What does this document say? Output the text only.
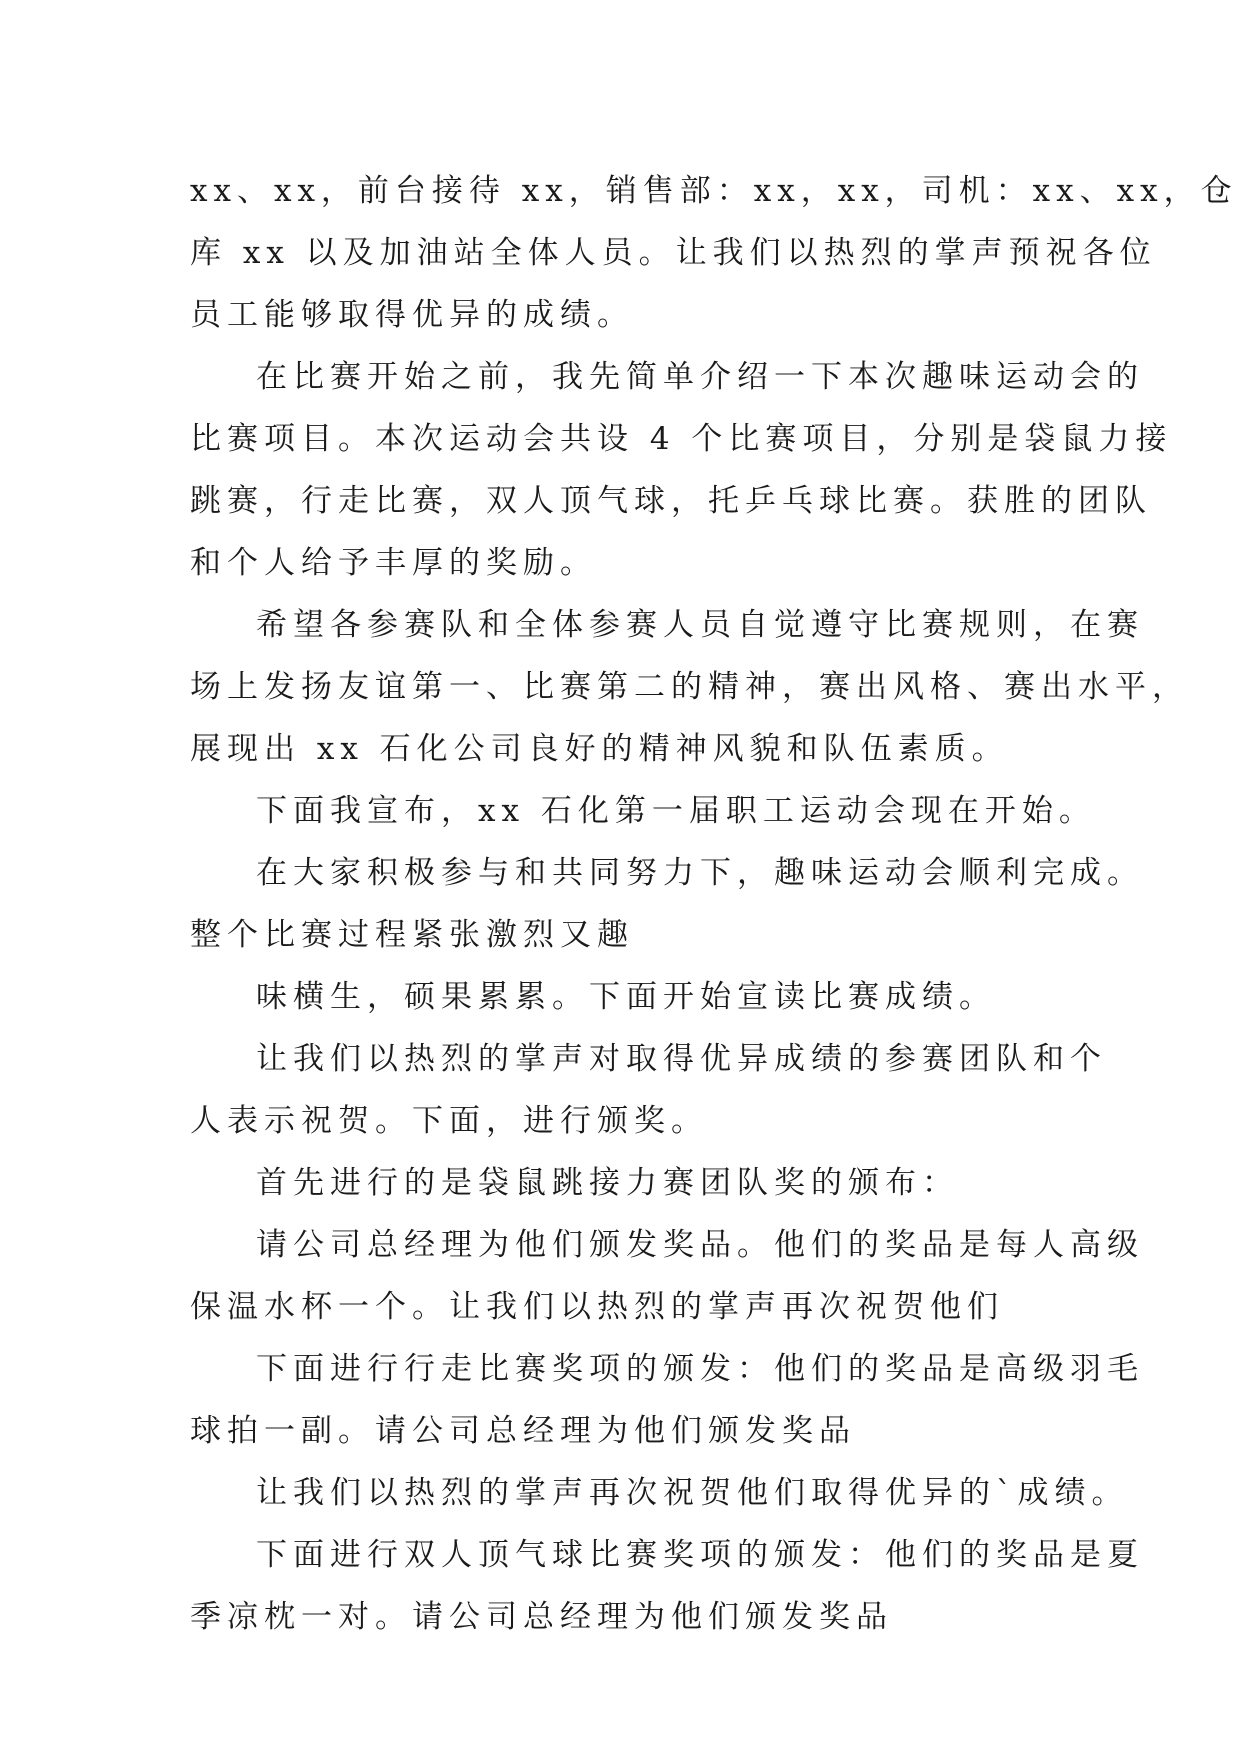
xx、xx，前台接待 xx，销售部：xx，xx，司机：xx、xx，仓

库 xx 以及加油站全体人员。让我们以热烈的掌声预祝各位

员工能够取得优异的成绩。

在比赛开始之前，我先简单介绍一下本次趣味运动会的

比赛项目。本次运动会共设 4 个比赛项目，分别是袋鼠力接

跳赛，行走比赛，双人顶气球，托乒乓球比赛。获胜的团队

和个人给予丰厚的奖励。

希望各参赛队和全体参赛人员自觉遵守比赛规则，在赛

场上发扬友谊第一、比赛第二的精神，赛出风格、赛出水平，

展现出 xx 石化公司良好的精神风貌和队伍素质。

下面我宣布，xx 石化第一届职工运动会现在开始。

在大家积极参与和共同努力下，趣味运动会顺利完成。

整个比赛过程紧张激烈又趣

味横生，硕果累累。下面开始宣读比赛成绩。

让我们以热烈的掌声对取得优异成绩的参赛团队和个

人表示祝贺。下面，进行颁奖。

首先进行的是袋鼠跳接力赛团队奖的颁布：

请公司总经理为他们颁发奖品。他们的奖品是每人高级

保温水杯一个。让我们以热烈的掌声再次祝贺他们

下面进行行走比赛奖项的颁发：他们的奖品是高级羽毛

球拍一副。请公司总经理为他们颁发奖品

让我们以热烈的掌声再次祝贺他们取得优异的`成绩。

下面进行双人顶气球比赛奖项的颁发：他们的奖品是夏

季凉枕一对。请公司总经理为他们颁发奖品
